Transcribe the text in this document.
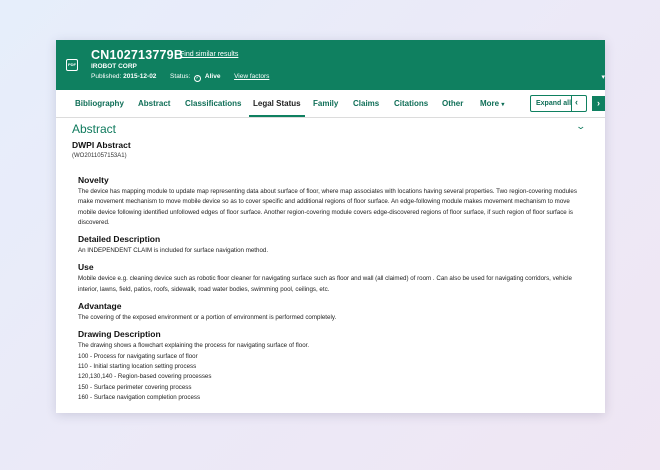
PDF
CN102713779B
Find similar results
IROBOT CORP
Published: 2015-12-02 Status: ✓ Alive View factors	▾
Bibliography Abstract Classifications Legal Status Family Claims Citations Other More ▾	Expand all ‹	›
Abstract	⌄
DWPI Abstract
(WO2011057153A1)
Novelty

The device has mapping module to update map representing data about surface of floor, where map associates with locations having several properties. Two region-covering modules make movement mechanism to move mobile device so as to cover specific and additional regions of floor surface. An edge-following module makes movement mechanism to move mobile device following identified unfollowed edges of floor surface. Another region-covering module covers edge-discovered regions of floor surface, if such region of floor surface is discovered.

Detailed Description

An INDEPENDENT CLAIM is included for surface navigation method.

Use

Mobile device e.g. cleaning device such as robotic floor cleaner for navigating surface such as floor and wall (all claimed) of room . Can also be used for navigating corridors, vehicle interior, lawns, field, patios, roofs, sidewalk, road water bodies, swimming pool, ceilings, etc.

Advantage

The covering of the exposed environment or a portion of environment is performed completely.

Drawing Description
The drawing shows a flowchart explaining the process for navigating surface of floor.
100 - Process for navigating surface of floor
110 - Initial starting location setting process
120,130,140 - Region-based covering processes
150 - Surface perimeter covering process
160 - Surface navigation completion process
